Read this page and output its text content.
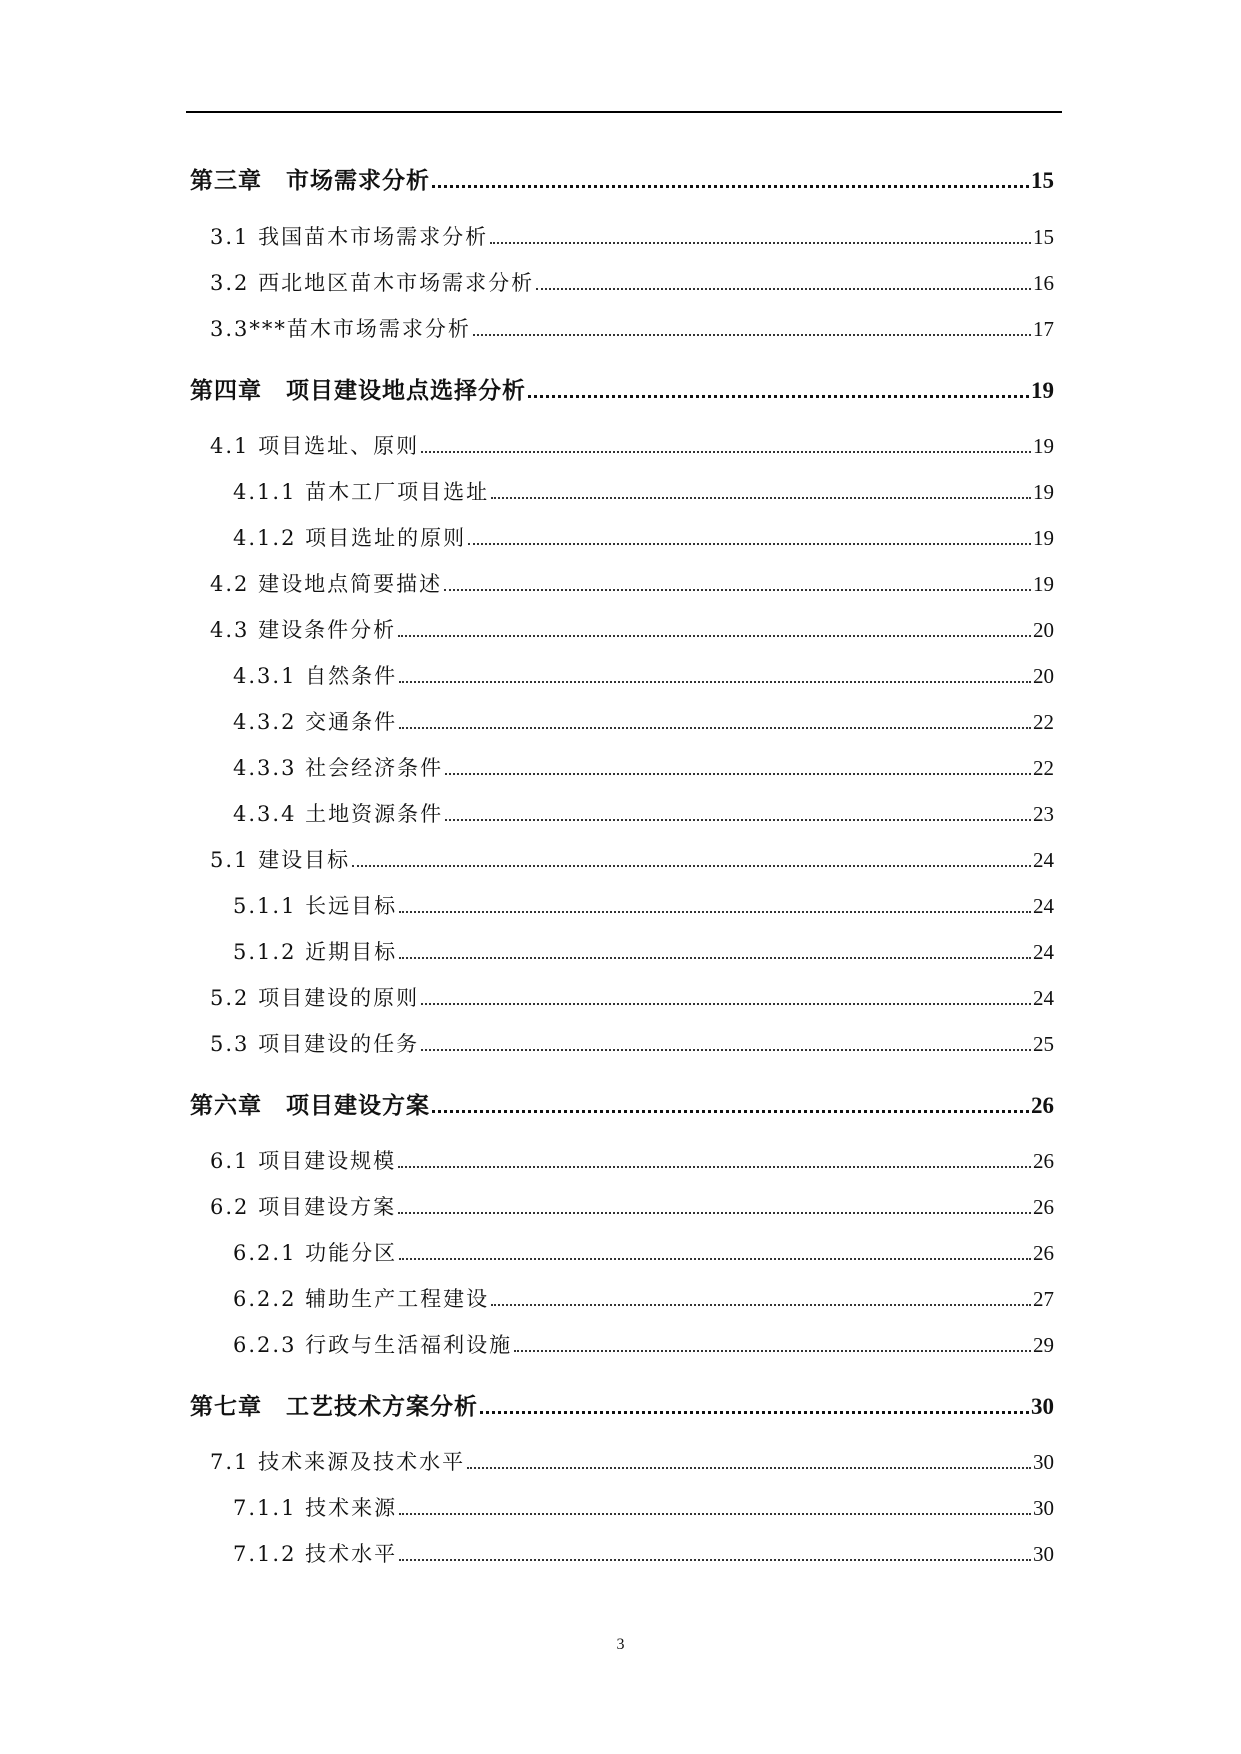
第三章　市场需求分析	15
3.1 我国苗木市场需求分析	15
3.2 西北地区苗木市场需求分析	16
3.3***苗木市场需求分析	17
第四章　项目建设地点选择分析	19
4.1 项目选址、原则	19
4.1.1 苗木工厂项目选址	19
4.1.2 项目选址的原则	19
4.2 建设地点简要描述	19
4.3 建设条件分析	20
4.3.1 自然条件	20
4.3.2 交通条件	22
4.3.3 社会经济条件	22
4.3.4 土地资源条件	23
5.1 建设目标	24
5.1.1 长远目标	24
5.1.2 近期目标	24
5.2 项目建设的原则	24
5.3 项目建设的任务	25
第六章　项目建设方案	26
6.1 项目建设规模	26
6.2 项目建设方案	26
6.2.1 功能分区	26
6.2.2 辅助生产工程建设	27
6.2.3 行政与生活福利设施	29
第七章　工艺技术方案分析	30
7.1 技术来源及技术水平	30
7.1.1 技术来源	30
7.1.2 技术水平	30
3
